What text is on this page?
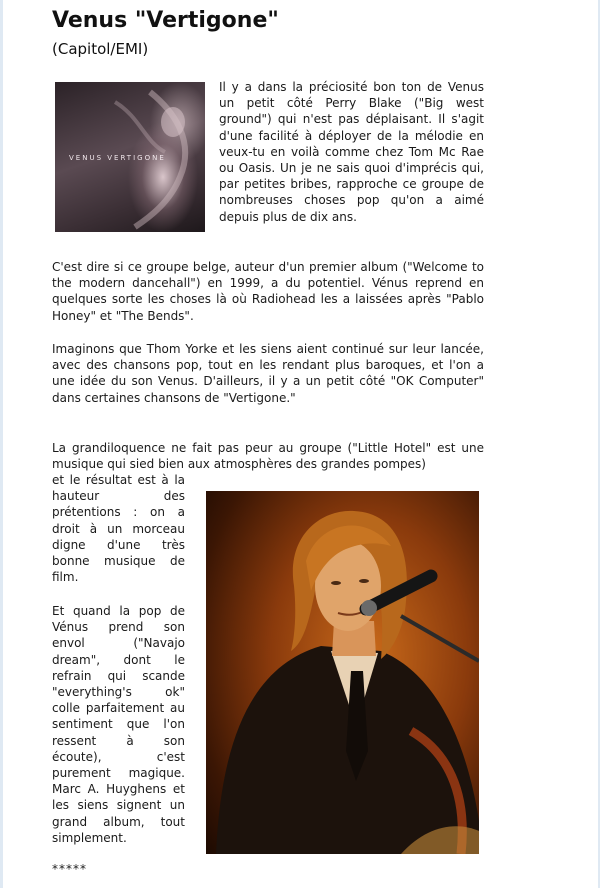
Venus "Vertigone"
(Capitol/EMI)
VENUS VERTIGONE

Il y a dans la préciosité bon ton de Venus un petit côté Perry Blake ("Big west ground") qui n'est pas déplaisant. Il s'agit d'une facilité à déployer de la mélodie en veux-tu en voilà comme chez Tom Mc Rae ou Oasis. Un je ne sais quoi d'imprécis qui, par petites bribes, rapproche ce groupe de nombreuses choses pop qu'on a aimé depuis plus de dix ans.

C'est dire si ce groupe belge, auteur d'un premier album ("Welcome to the modern dancehall") en 1999, a du potentiel. Vénus reprend en quelques sorte les choses là où Radiohead les a laissées après "Pablo Honey" et "The Bends".

Imaginons que Thom Yorke et les siens aient continué sur leur lancée, avec des chansons pop, tout en les rendant plus baroques, et l'on a une idée du son Venus. D'ailleurs, il y a un petit côté "OK Computer" dans certaines chansons de "Vertigone."

La grandiloquence ne fait pas peur au groupe ("Little Hotel" est une musique qui sied bien aux atmosphères des grandes pompes)

et le résultat est à la hauteur des prétentions : on a droit à un morceau digne d'une très bonne musique de film.

Et quand la pop de Vénus prend son envol ("Navajo dream", dont le refrain qui scande "everything's ok" colle parfaitement au sentiment que l'on ressent à son écoute), c'est purement magique. Marc A. Huyghens et les siens signent un grand album, tout simplement.

*****
